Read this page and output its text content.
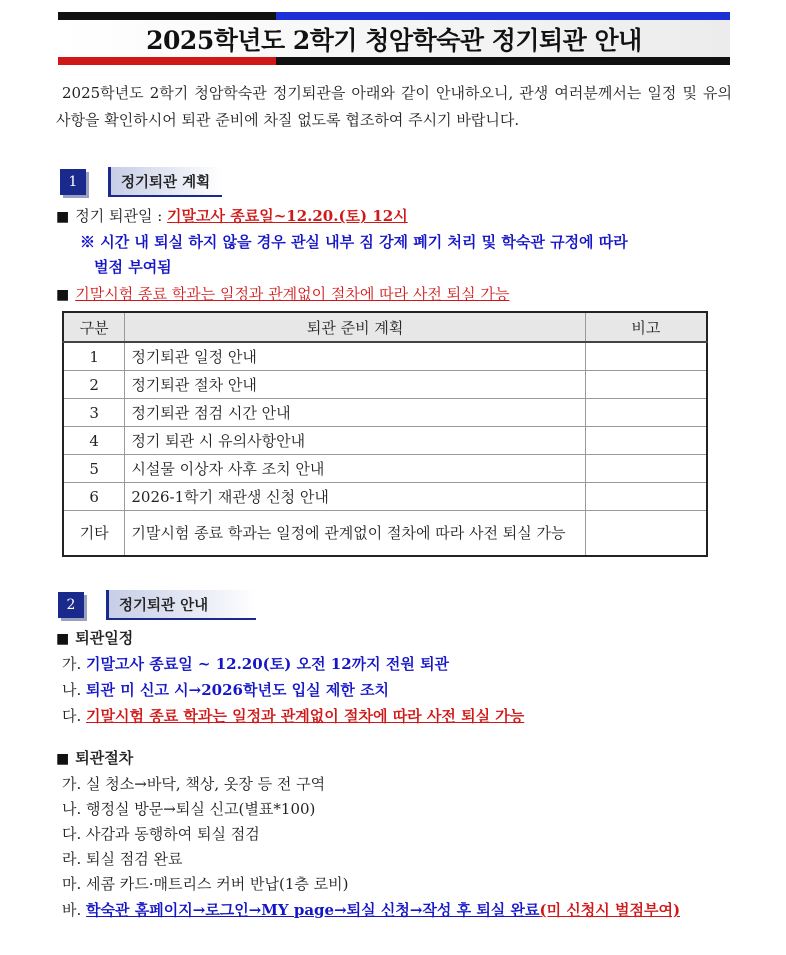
2025학년도 2학기 청암학숙관 정기퇴관 안내

2025학년도 2학기 청암학숙관 정기퇴관을 아래와 같이 안내하오니, 관생 여러분께서는 일정 및 유의사항을 확인하시어 퇴관 준비에 차질 없도록 협조하여 주시기 바랍니다.

1	정기퇴관 계획
■ 정기 퇴관일 : 기말고사 종료일~12.20.(토) 12시
※ 시간 내 퇴실 하지 않을 경우 관실 내부 짐 강제 폐기 처리 및 학숙관 규정에 따라
벌점 부여됨
■ 기말시험 종료 학과는 일정과 관계없이 절차에 따라 사전 퇴실 가능
구분	퇴관 준비 계획	비고
1	정기퇴관 일정 안내	
2	정기퇴관 절차 안내	
3	정기퇴관 점검 시간 안내	
4	정기 퇴관 시 유의사항안내	
5	시설물 이상자 사후 조치 안내	
6	2026-1학기 재관생 신청 안내	
기타	기말시험 종료 학과는 일정에 관계없이 절차에 따라 사전 퇴실 가능	
2	정기퇴관 안내
■ 퇴관일정
가. 기말고사 종료일 ~ 12.20(토) 오전 12까지 전원 퇴관
나. 퇴관 미 신고 시→2026학년도 입실 제한 조치
다. 기말시험 종료 학과는 일정과 관계없이 절차에 따라 사전 퇴실 가능
■ 퇴관절차
가. 실 청소→바닥, 책상, 옷장 등 전 구역
나. 행정실 방문→퇴실 신고(별표*100)
다. 사감과 동행하여 퇴실 점검
라. 퇴실 점검 완료
마. 세콤 카드·매트리스 커버 반납(1층 로비)
바. 학숙관 홈페이지→로그인→MY page→퇴실 신청→작성 후 퇴실 완료(미 신청시 벌점부여)
